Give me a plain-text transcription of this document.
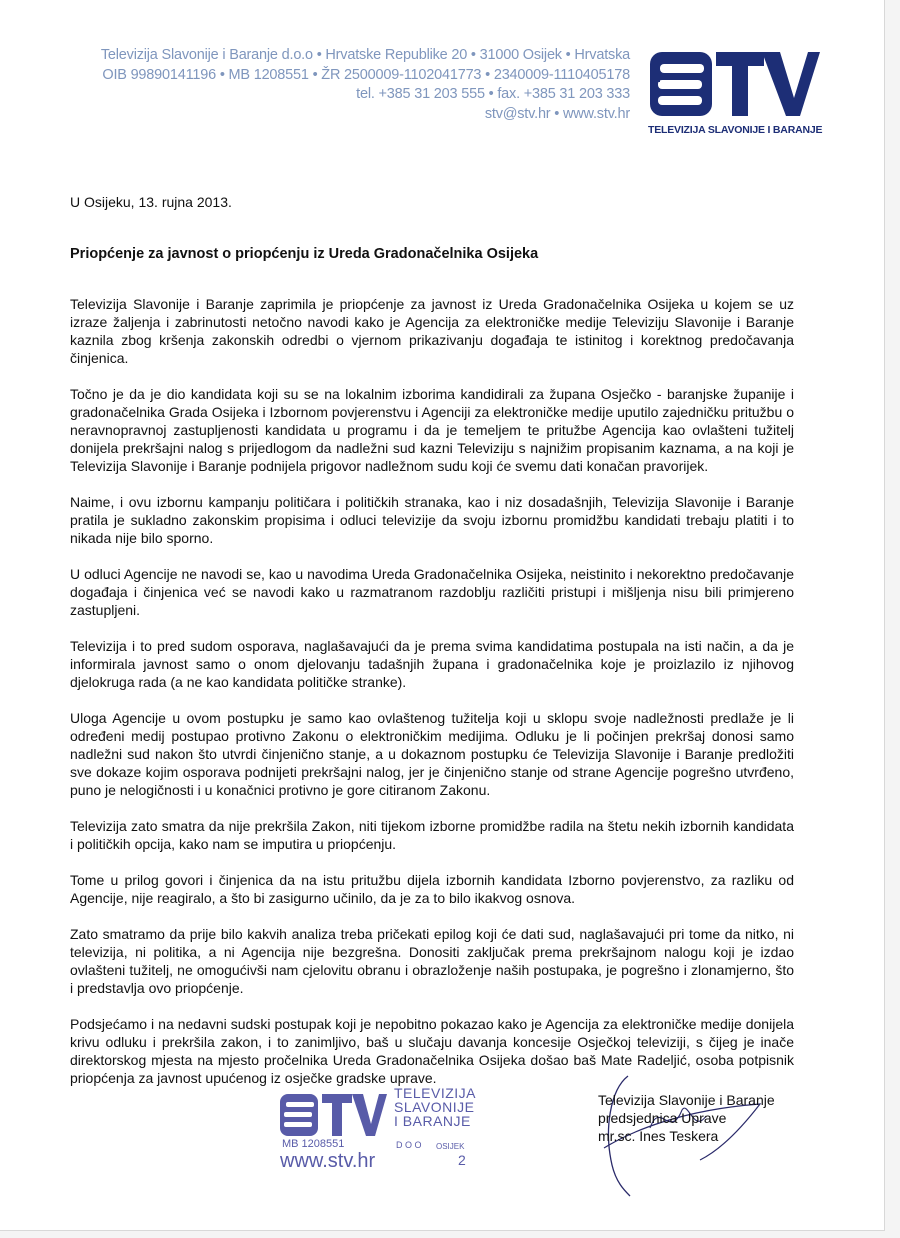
Televizija Slavonije i Baranje d.o.o • Hrvatske Republike 20 • 31000 Osijek • Hrvatska
OIB 99890141196 • MB 1208551 • ŽR 2500009-1102041773 • 2340009-1110405178
tel. +385 31 203 555 • fax. +385 31 203 333
stv@stv.hr • www.stv.hr
TELEVIZIJA SLAVONIJE I BARANJE
U Osijeku, 13. rujna 2013.
Priopćenje za javnost o priopćenju iz Ureda Gradonačelnika Osijeka

Televizija Slavonije i Baranje zaprimila je priopćenje za javnost iz Ureda Gradonačelnika Osijeka u kojem se uz izraze žaljenja i zabrinutosti netočno navodi kako je Agencija za elektroničke medije Televiziju Slavonije i Baranje kaznila zbog kršenja zakonskih odredbi o vjernom prikazivanju događaja te istinitog i korektnog predočavanja činjenica.

Točno je da je dio kandidata koji su se na lokalnim izborima kandidirali za župana Osječko - baranjske županije i gradonačelnika Grada Osijeka i Izbornom povjerenstvu i Agenciji za elektroničke medije uputilo zajedničku pritužbu o neravnopravnoj zastupljenosti kandidata u programu i da je temeljem te pritužbe Agencija kao ovlašteni tužitelj donijela prekršajni nalog s prijedlogom da nadležni sud kazni Televiziju s najnižim propisanim kaznama, a na koji je Televizija Slavonije i Baranje podnijela prigovor nadležnom sudu koji će svemu dati konačan pravorijek.

Naime, i ovu izbornu kampanju političara i političkih stranaka, kao i niz dosadašnjih, Televizija Slavonije i Baranje pratila je sukladno zakonskim propisima i odluci televizije da svoju izbornu promidžbu kandidati trebaju platiti i to nikada nije bilo sporno.

U odluci Agencije ne navodi se, kao u navodima Ureda Gradonačelnika Osijeka, neistinito i nekorektno predočavanje događaja i činjenica već se navodi kako u razmatranom razdoblju različiti pristupi i mišljenja nisu bili primjereno zastupljeni.

Televizija i to pred sudom osporava, naglašavajući da je prema svima kandidatima postupala na isti način, a da je informirala javnost samo o onom djelovanju tadašnjih župana i gradonačelnika koje je proizlazilo iz njihovog djelokruga rada (a ne kao kandidata političke stranke).

Uloga Agencije u ovom postupku je samo kao ovlaštenog tužitelja koji u sklopu svoje nadležnosti predlaže je li određeni medij postupao protivno Zakonu o elektroničkim medijima. Odluku je li počinjen prekršaj donosi samo nadležni sud nakon što utvrdi činjenično stanje, a u dokaznom postupku će Televizija Slavonije i Baranje predložiti sve dokaze kojim osporava podnijeti prekršajni nalog, jer je činjenično stanje od strane Agencije pogrešno utvrđeno, puno je nelogičnosti i u konačnici protivno je gore citiranom Zakonu.

Televizija zato smatra da nije prekršila Zakon, niti tijekom izborne promidžbe radila na štetu nekih izbornih kandidata i političkih opcija, kako nam se imputira u priopćenju.

Tome u prilog govori i činjenica da na istu pritužbu dijela izbornih kandidata Izborno povjerenstvo, za razliku od Agencije, nije reagiralo, a što bi zasigurno učinilo, da je za to bilo ikakvog osnova.

Zato smatramo da prije bilo kakvih analiza treba pričekati epilog koji će dati sud, naglašavajući pri tome da nitko, ni televizija, ni politika, a ni Agencija nije bezgrešna. Donositi zaključak prema prekršajnom nalogu koji je izdao ovlašteni tužitelj, ne omogućivši nam cjelovitu obranu i obrazloženje naših postupaka, je pogrešno i zlonamjerno, što i predstavlja ovo priopćenje.

Podsjećamo i na nedavni sudski postupak koji je nepobitno pokazao kako je Agencija za elektroničke medije donijela krivu odluku i prekršila zakon, i to zanimljivo, baš u slučaju davanja koncesije Osječkoj televiziji, s čijeg je inače direktorskog mjesta na mjesto pročelnika Ureda Gradonačelnika Osijeka došao baš Mate Radeljić, osoba potpisnik priopćenja za javnost upućenog iz osječke gradske uprave.

TELEVIZIJA
SLAVONIJE
I BARANJE
MB 1208551	D O O OSIJEK
www.stv.hr	2
Televizija Slavonije i Baranje
predsjednica Uprave
mr.sc. Ines Teskera
